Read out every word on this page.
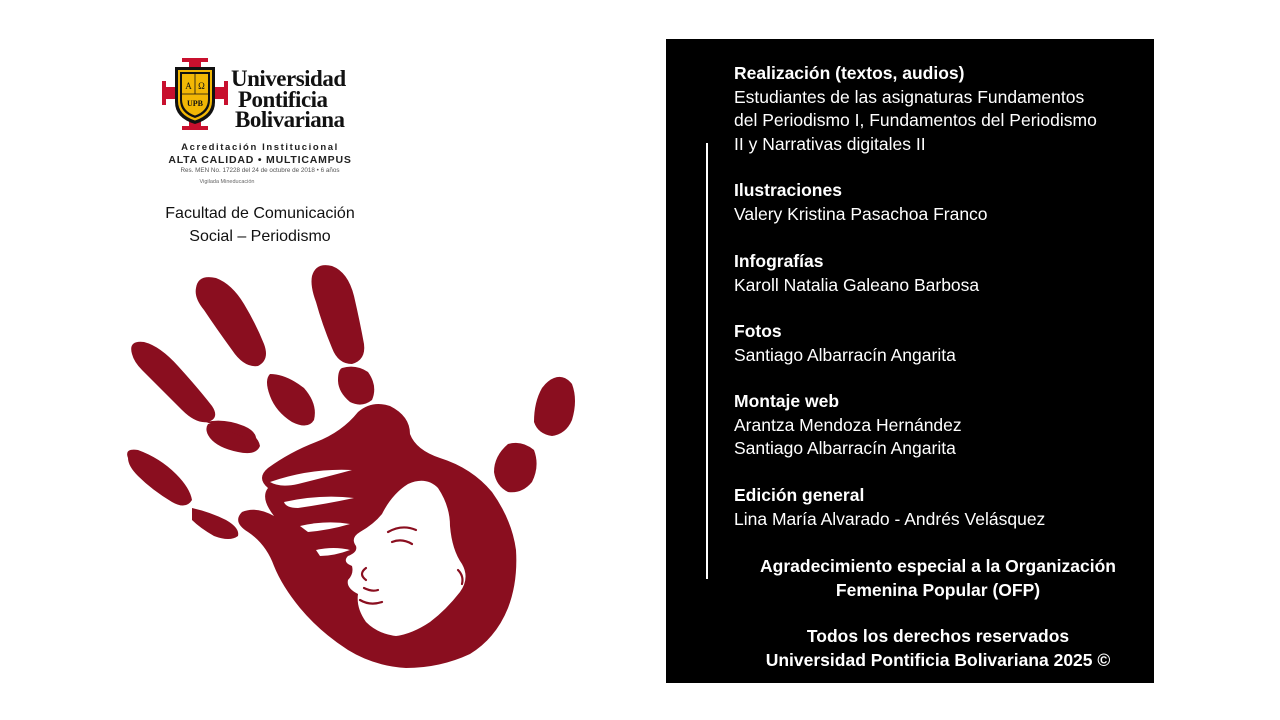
A Ω
UPB
Universidad
Pontificia
Bolivariana
Acreditación Institucional
ALTA CALIDAD • MULTICAMPUS
Res. MEN No. 17228 del 24 de octubre de 2018 • 6 años
Vigilada Mineducación
Facultad de Comunicación
Social – Periodismo
Realización (textos, audios)
Estudiantes de las asignaturas Fundamentos
del Periodismo I, Fundamentos del Periodismo
II y Narrativas digitales II
Ilustraciones
Valery Kristina Pasachoa Franco
Infografías
Karoll Natalia Galeano Barbosa
Fotos
Santiago Albarracín Angarita
Montaje web
Arantza Mendoza Hernández
Santiago Albarracín Angarita
Edición general
Lina María Alvarado - Andrés Velásquez
Agradecimiento especial a la Organización
Femenina Popular (OFP)
Todos los derechos reservados
Universidad Pontificia Bolivariana 2025 ©
